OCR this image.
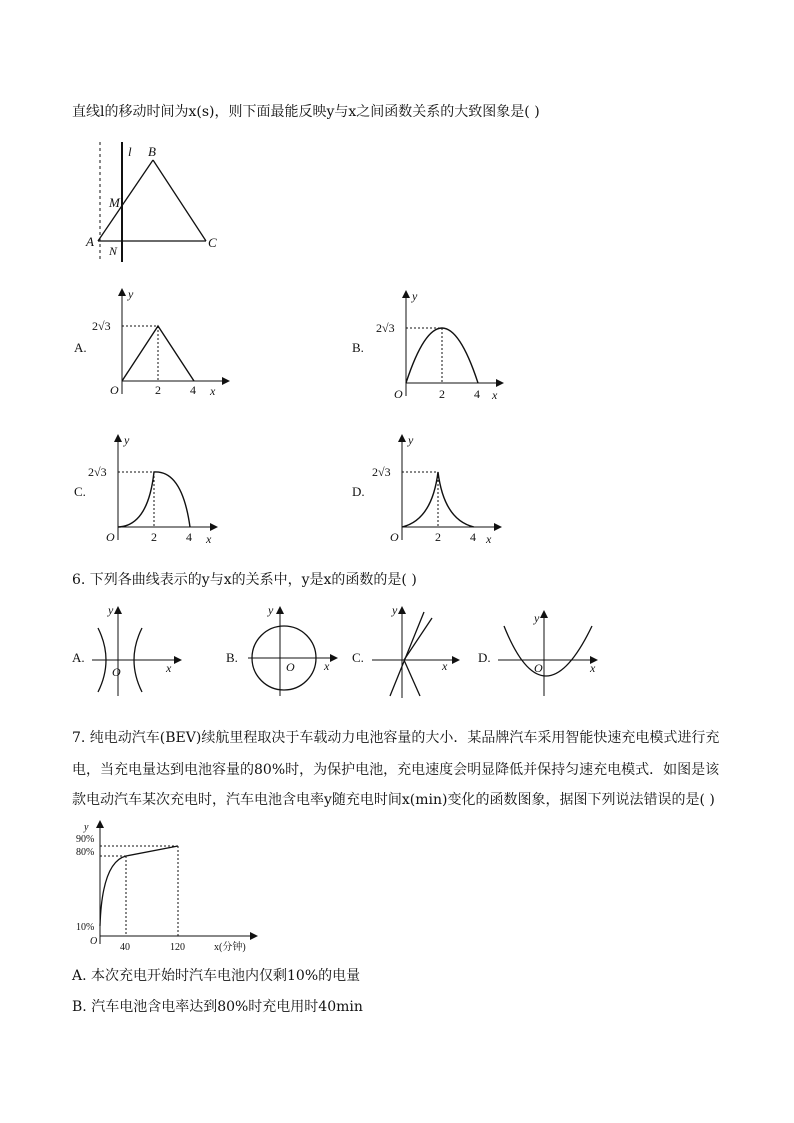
直线l的移动时间为x(s)，则下面最能反映y与x之间函数关系的大致图象是( )
l B
M
A
N
C
A.
y
2√3
O	2 4 x
B.
y
2√3
O	2 4 x
C.
y
2√3
O	2 4 x
D.
y
2√3
O	2 4 x
6. 下列各曲线表示的y与x的关系中，y是x的函数的是( )
A.
y
O	x
B.
y
O x
C.
y
x
D.
y
O	x
7. 纯电动汽车(BEV)续航里程取决于车载动力电池容量的大小．某品牌汽车采用智能快速充电模式进行充
电，当充电量达到电池容量的80%时，为保护电池，充电速度会明显降低并保持匀速充电模式．如图是该
款电动汽车某次充电时，汽车电池含电率y随充电时间x(min)变化的函数图象，据图下列说法错误的是( )
y
90%
80%
10%
O
40	120	x(分钟)
A. 本次充电开始时汽车电池内仅剩10%的电量
B. 汽车电池含电率达到80%时充电用时40min
